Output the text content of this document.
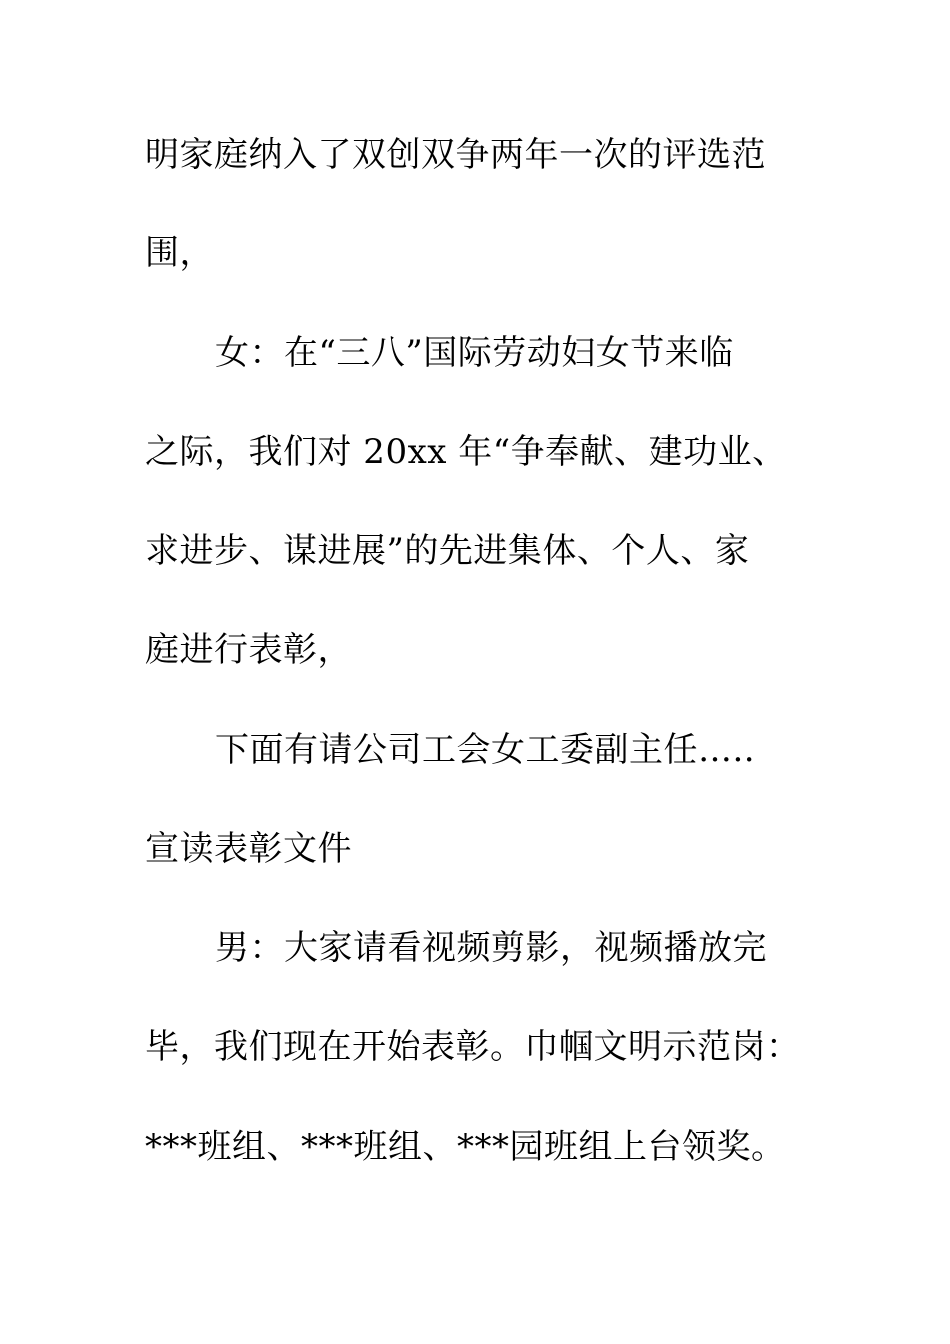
明家庭纳入了双创双争两年一次的评选范
围，
女：在“三八”国际劳动妇女节来临
之际，我们对 20xx 年“争奉献、建功业、
求进步、谋进展”的先进集体、个人、家
庭进行表彰，
下面有请公司工会女工委副主任…..
宣读表彰文件
男：大家请看视频剪影，视频播放完
毕，我们现在开始表彰。巾帼文明示范岗：
***班组、***班组、***园班组上台领奖。
